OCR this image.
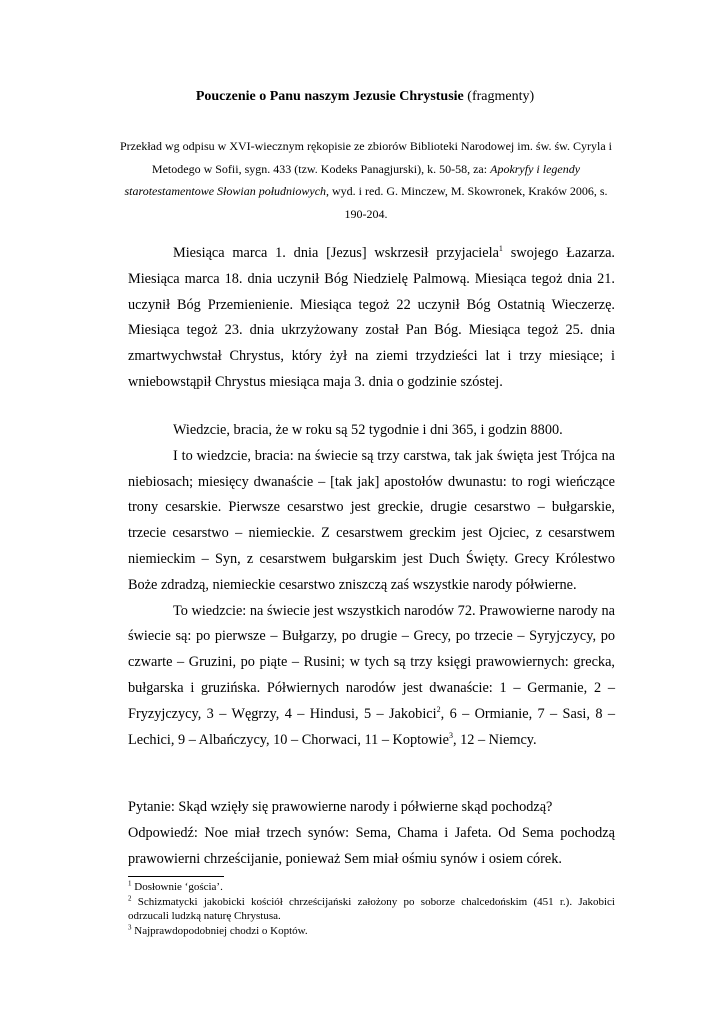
Pouczenie o Panu naszym Jezusie Chrystusie (fragmenty)
Przekład wg odpisu w XVI-wiecznym rękopisie ze zbiorów Biblioteki Narodowej im. św. św. Cyryla i Metodego w Sofii, sygn. 433 (tzw. Kodeks Panagjurski), k. 50-58, za: Apokryfy i legendy starotestamentowe Słowian południowych, wyd. i red. G. Minczew, M. Skowronek, Kraków 2006, s. 190-204.

Miesiąca marca 1. dnia [Jezus] wskrzesił przyjaciela$^1$ swojego Łazarza. Miesiąca marca 18. dnia uczynił Bóg Niedzielę Palmową. Miesiąca tegoż dnia 21. uczynił Bóg Przemienienie. Miesiąca tegoż 22 uczynił Bóg Ostatnią Wieczerzę. Miesiąca tegoż 23. dnia ukrzyżowany został Pan Bóg. Miesiąca tegoż 25. dnia zmartwychwstał Chrystus, który żył na ziemi trzydzieści lat i trzy miesiące; i wniebowstąpił Chrystus miesiąca maja 3. dnia o godzinie szóstej.

Wiedzcie, bracia, że w roku są 52 tygodnie i dni 365, i godzin 8800.

I to wiedzcie, bracia: na świecie są trzy carstwa, tak jak święta jest Trójca na niebiosach; miesięcy dwanaście – [tak jak] apostołów dwunastu: to rogi wieńczące trony cesarskie. Pierwsze cesarstwo jest greckie, drugie cesarstwo – bułgarskie, trzecie cesarstwo – niemieckie. Z cesarstwem greckim jest Ojciec, z cesarstwem niemieckim – Syn, z cesarstwem bułgarskim jest Duch Święty. Grecy Królestwo Boże zdradzą, niemieckie cesarstwo zniszczą zaś wszystkie narody półwierne.

To wiedzcie: na świecie jest wszystkich narodów 72. Prawowierne narody na świecie są: po pierwsze – Bułgarzy, po drugie – Grecy, po trzecie – Syryjczycy, po czwarte – Gruzini, po piąte – Rusini; w tych są trzy księgi prawowiernych: grecka, bułgarska i gruzińska. Półwiernych narodów jest dwanaście: 1 – Germanie, 2 – Fryzyjczycy, 3 – Węgrzy, 4 – Hindusi, 5 – Jakobici$^2$, 6 – Ormianie, 7 – Sasi, 8 – Lechici, 9 – Albańczycy, 10 – Chorwaci, 11 – Koptowie$^3$, 12 – Niemcy.

Pytanie: Skąd wzięły się prawowierne narody i półwierne skąd pochodzą?

Odpowiedź: Noe miał trzech synów: Sema, Chama i Jafeta. Od Sema pochodzą prawowierni chrześcijanie, ponieważ Sem miał ośmiu synów i osiem córek.

$^1$ Dosłownie ‘gościa’.

$^2$ Schizmatycki jakobicki kościół chrześcijański założony po soborze chalcedońskim (451 r.). Jakobici odrzucali ludzką naturę Chrystusa.

$^3$ Najprawdopodobniej chodzi o Koptów.
